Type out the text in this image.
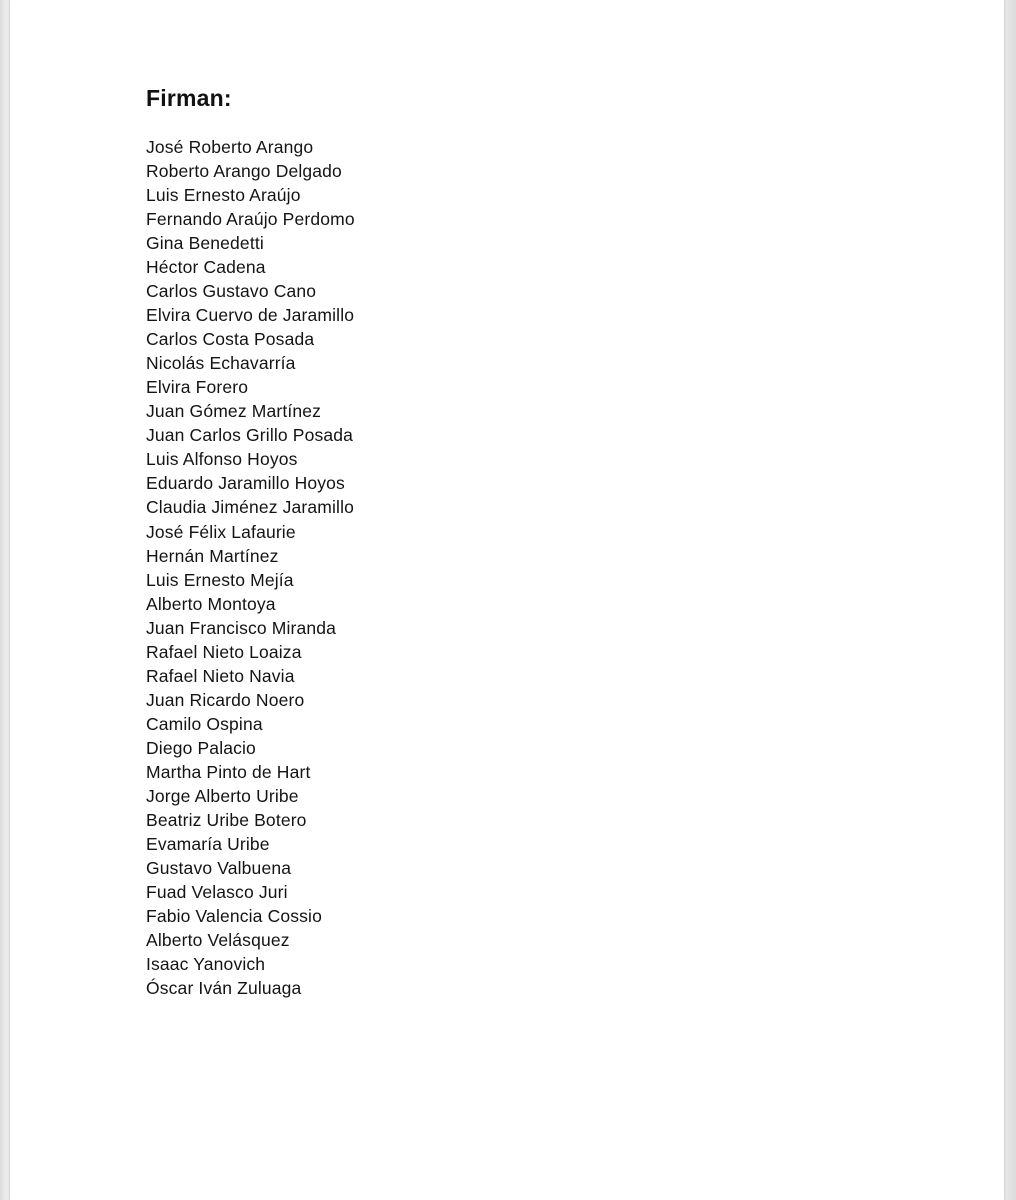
Firman:
José Roberto Arango
Roberto Arango Delgado
Luis Ernesto Araújo
Fernando Araújo Perdomo
Gina Benedetti
Héctor Cadena
Carlos Gustavo Cano
Elvira Cuervo de Jaramillo
Carlos Costa Posada
Nicolás Echavarría
Elvira Forero
Juan Gómez Martínez
Juan Carlos Grillo Posada
Luis Alfonso Hoyos
Eduardo Jaramillo Hoyos
Claudia Jiménez Jaramillo
José Félix Lafaurie
Hernán Martínez
Luis Ernesto Mejía
Alberto Montoya
Juan Francisco Miranda
Rafael Nieto Loaiza
Rafael Nieto Navia
Juan Ricardo Noero
Camilo Ospina
Diego Palacio
Martha Pinto de Hart
Jorge Alberto Uribe
Beatriz Uribe Botero
Evamaría Uribe
Gustavo Valbuena
Fuad Velasco Juri
Fabio Valencia Cossio
Alberto Velásquez
Isaac Yanovich
Óscar Iván Zuluaga
